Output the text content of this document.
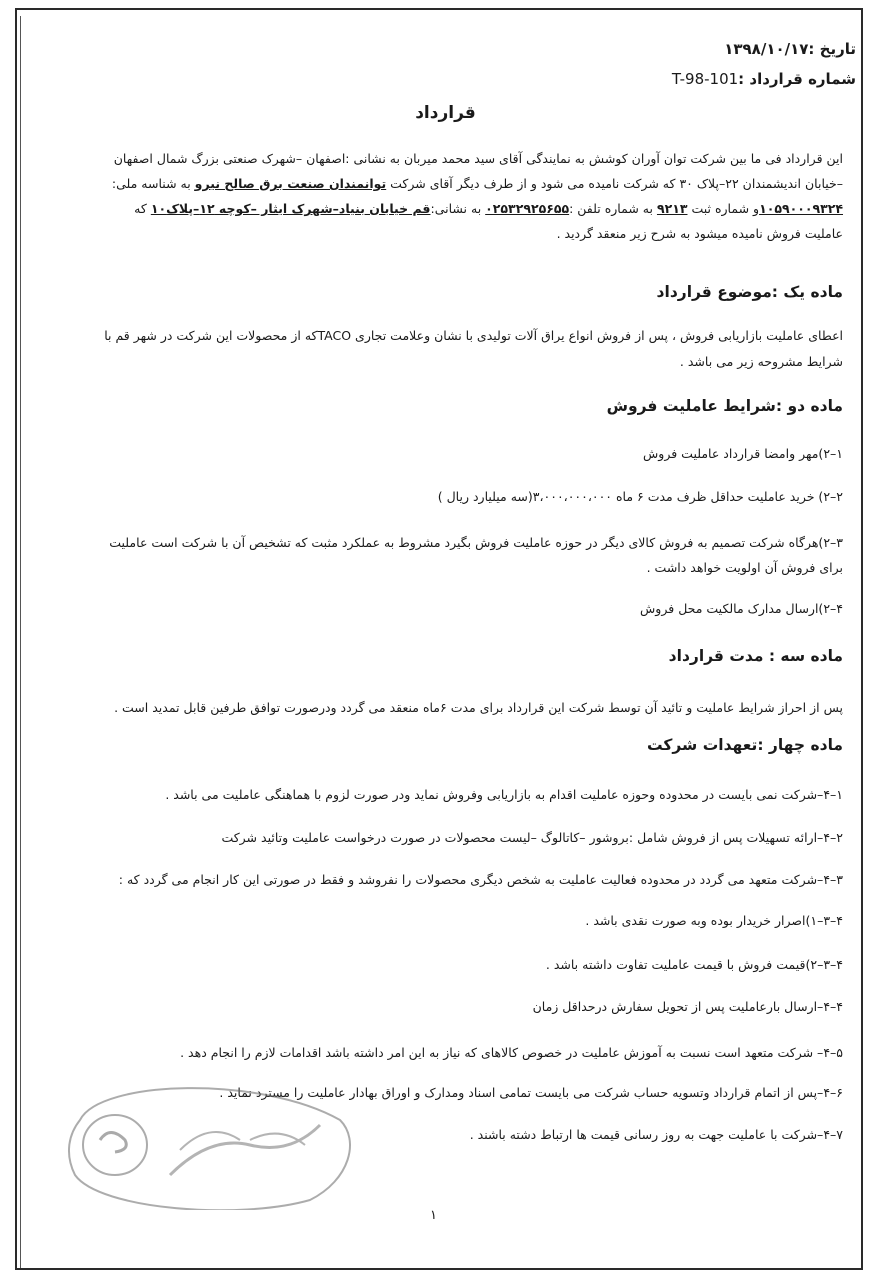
تاریخ :۱۳۹۸/۱۰/۱۷
شماره قرارداد :T-98-101
قرارداد
این قرارداد فی ما بین شرکت توان آوران کوشش به نمایندگی آقای سید محمد میربان به نشانی :اصفهان –شهرک صنعتی بزرگ شمال اصفهان
–خیابان اندیشمندان ۲۲–پلاک ۳۰ که شرکت نامیده می شود و از طرف دیگر آقای شرکت توانمندان صنعت برق صالح نیرو به شناسه ملی:
۱۰۵۹۰۰۰۹۳۲۴و شماره ثبت ۹۲۱۳ به شماره تلفن :۰۲۵۳۲۹۲۵۶۵۵ به نشانی:قم خیابان بنیاد–شهرک ایثار –کوچه ۱۲–پلاک۱۰ که
عاملیت فروش نامیده میشود به شرح زیر منعقد گردید .
ماده یک :موضوع قرارداد
اعطای عاملیت بازاریابی فروش ، پس از فروش انواع یراق آلات تولیدی با نشان وعلامت تجاری TACOکه از محصولات این شرکت در شهر قم با
شرایط مشروحه زیر می باشد .
ماده دو :شرایط عاملیت فروش
۱–۲)مهر وامضا قرارداد عاملیت فروش
۲–۲) خرید عاملیت حداقل ظرف مدت ۶ ماه ۳،۰۰۰،۰۰۰،۰۰۰(سه میلیارد ریال )
۳–۲)هرگاه شرکت تصمیم به فروش کالای دیگر در حوزه عاملیت فروش بگیرد مشروط به عملکرد مثبت که تشخیص آن با شرکت است عاملیت
برای فروش آن اولویت خواهد داشت .
۴–۲)ارسال مدارک مالکیت محل فروش
ماده سه : مدت قرارداد
پس از احراز شرایط عاملیت و تائید آن توسط شرکت این قرارداد برای مدت ۶ماه منعقد می گردد ودرصورت توافق طرفین قابل تمدید است .
ماده چهار :تعهدات شرکت
۱–۴–شرکت نمی بایست در محدوده وحوزه عاملیت اقدام به بازاریابی وفروش نماید ودر صورت لزوم با هماهنگی عاملیت می باشد .
۲–۴–ارائه تسهیلات پس از فروش شامل :بروشور –کاتالوگ –لیست محصولات در صورت درخواست عاملیت وتائید شرکت
۳–۴–شرکت متعهد می گردد در محدوده فعالیت عاملیت به شخص دیگری محصولات را نفروشد و فقط در صورتی این کار انجام می گردد که :
۴–۳–۱)اصرار خریدار بوده وبه صورت نقدی باشد .
۴–۳–۲)قیمت فروش با قیمت عاملیت تفاوت داشته باشد .
۴–۴–ارسال بارعاملیت پس از تحویل سفارش درحداقل زمان
۵–۴– شرکت متعهد است نسبت به آموزش عاملیت در خصوص کالاهای که نیاز به این امر داشته باشد اقدامات لازم را انجام دهد .
۶–۴–پس از اتمام قرارداد وتسویه حساب شرکت می بایست تمامی اسناد ومدارک و اوراق بهادار عاملیت را مسترد نماید .
۷–۴–شرکت با عاملیت جهت به روز رسانی قیمت ها ارتباط دشته باشند .
۱
